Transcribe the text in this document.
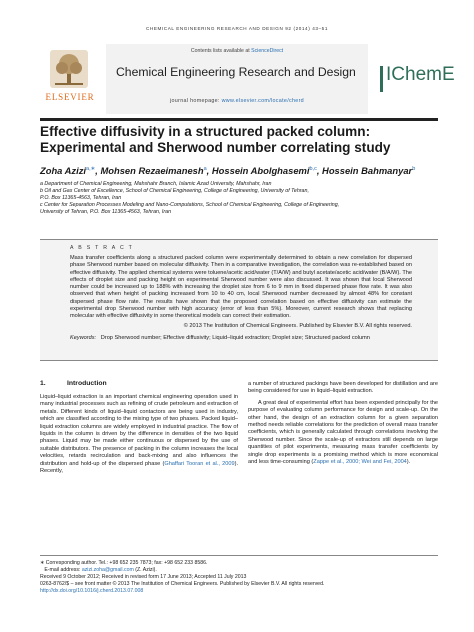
CHEMICAL ENGINEERING RESEARCH AND DESIGN 92 (2014) 43–51
ELSEVIER
Contents lists available at ScienceDirect
Chemical Engineering Research and Design
journal homepage: www.elsevier.com/locate/cherd
IChemE
Effective diffusivity in a structured packed column: Experimental and Sherwood number correlating study
Zoha Azizi$^{a,∗}$, Mohsen Rezaeimanesh$^a$, Hossein Abolghasemi$^{b,c}$, Hossein Bahmanyar$^b$
a Department of Chemical Engineering, Mahshahr Branch, Islamic Azad University, Mahshahr, Iran
b Oil and Gas Center of Excellence, School of Chemical Engineering, College of Engineering, University of Tehran,
P.O. Box 11365-4563, Tehran, Iran
c Center for Separation Processes Modeling and Nano-Computations, School of Chemical Engineering, College of Engineering,
University of Tehran, P.O. Box 11365-4563, Tehran, Iran
A B S T R A C T
Mass transfer coefficients along a structured packed column were experimentally determined to obtain a new correlation for dispersed phase Sherwood number based on molecular diffusivity. Then in a comparative investigation, the correlation was re-established based on effective diffusivity. The applied chemical systems were toluene/acetic acid/water (T/A/W) and butyl acetate/acetic acid/water (B/A/W). The effects of droplet size and packing height on experimental Sherwood number were also discussed. It was shown that local Sherwood number could be increased up to 188% with increasing the droplet size from 6 to 9 mm in fixed dispersed phase flow rate. It was also observed that when height of packing increased from 10 to 40 cm, local Sherwood number decreased by almost 48% for constant dispersed phase flow rate. The results have shown that the proposed correlation based on effective diffusivity can estimate the experimental drop Sherwood number with high accuracy (error of less than 5%). Moreover, current research shows that replacing molecular with effective diffusivity in some theoretical models can correct their estimation.
© 2013 The Institution of Chemical Engineers. Published by Elsevier B.V. All rights reserved.
Keywords: Drop Sherwood number; Effective diffusivity; Liquid–liquid extraction; Droplet size; Structured packed column
1.	Introduction

Liquid–liquid extraction is an important chemical engineering operation used in many industrial processes such as refining of crude petroleum and extraction of metals. Different kinds of liquid–liquid contactors are being used in industry, which are classified according to the mixing type of two phases. Packed liquid–liquid extraction columns are widely employed in industrial practice. The flow of liquids in the column is driven by the difference in densities of the two liquid phases. Liquid may be made either continuous or dispersed by the use of suitable distributors. The presence of packing in the column increases the local velocities, retards recirculation and back-mixing and also influences the distribution and hold-up of the dispersed phase (Ghaffari Tooran et al., 2009). Recently,

a number of structured packings have been developed for distillation and are being considered for use in liquid–liquid extraction.

A great deal of experimental effort has been expended principally for the purpose of evaluating column performance for design and scale-up. On the other hand, the design of an extraction column for a given separation method needs reliable correlations for the prediction of overall mass transfer coefficients, which is generally calculated through correlations involving the Sherwood number. Since the scale-up of extractors still depends on large quantities of pilot experiments, measuring mass transfer coefficients by single drop experiments is a promising method which is more economical and less time-consuming (Zappe et al., 2000; Wei and Fei, 2004).

∗ Corresponding author. Tel.: +98 652 235 7873; fax: +98 652 233 8586.
E-mail address: azizi.zoha@gmail.com (Z. Azizi).
Received 9 October 2012; Received in revised form 17 June 2013; Accepted 11 July 2013
0263-8762/$ – see front matter © 2013 The Institution of Chemical Engineers. Published by Elsevier B.V. All rights reserved.
http://dx.doi.org/10.1016/j.cherd.2013.07.008
